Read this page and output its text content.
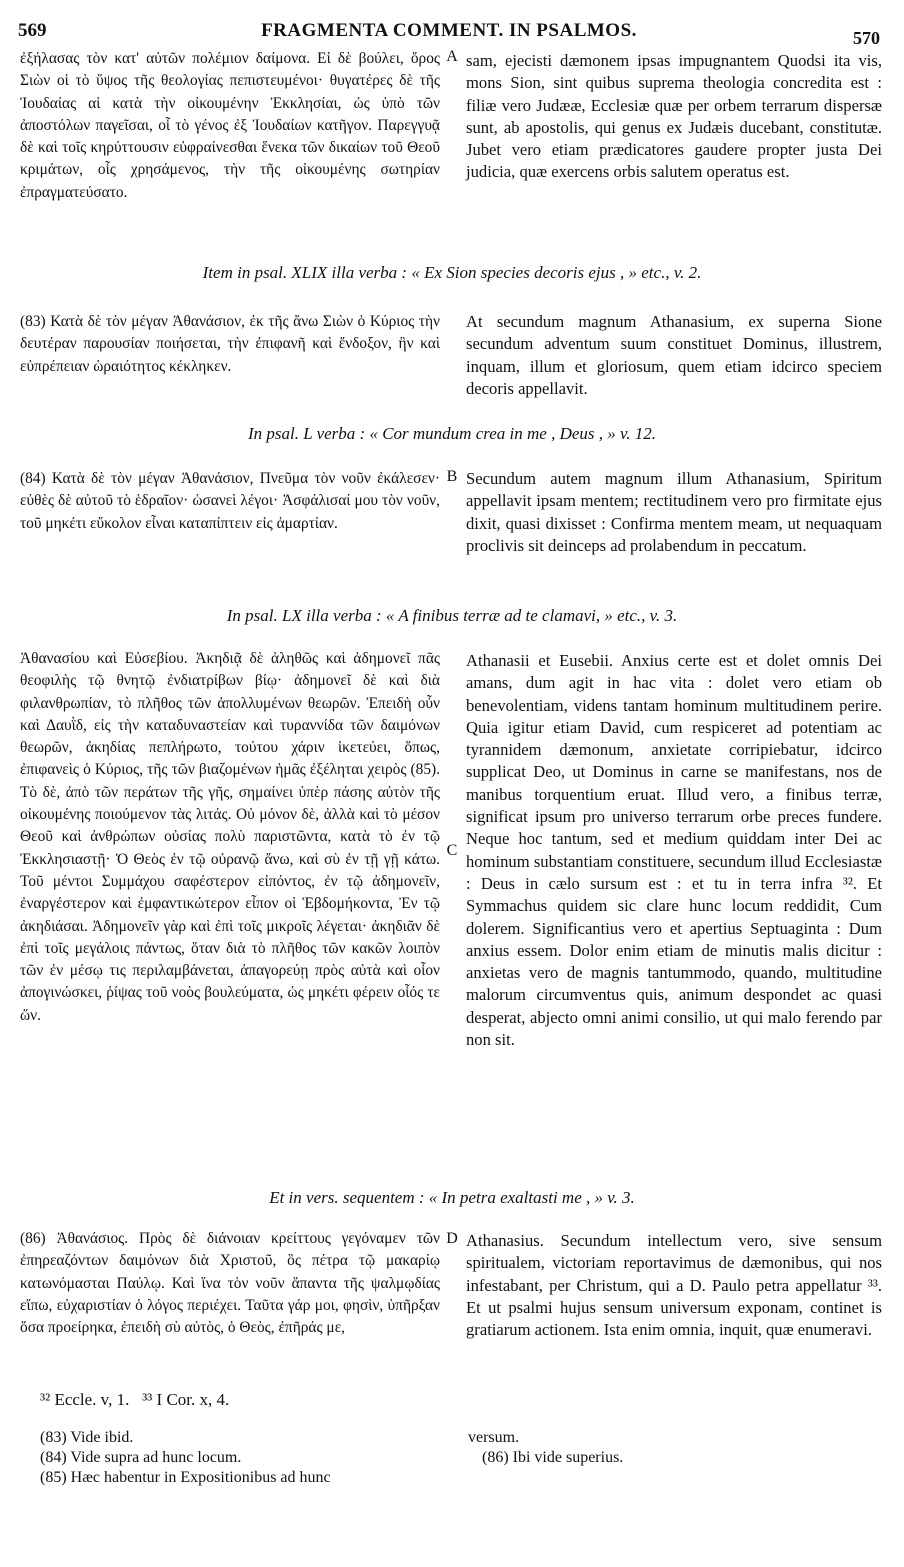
569	FRAGMENTA COMMENT. IN PSALMOS.	570

ἐξήλασας τὸν κατ' αὐτῶν πολέμιον δαίμονα. Εἰ δὲ βούλει, ὄρος Σιὼν οἱ τὸ ὕψος τῆς θεολογίας πεπιστευμένοι· θυγατέρες δὲ τῆς Ἰουδαίας αἱ κατὰ τὴν οἰκουμένην Ἐκκλησίαι, ὡς ὑπὸ τῶν ἀποστόλων παγεῖσαι, οἷ τὸ γένος ἐξ Ἰουδαίων κατῆγον. Παρεγγυᾷ δὲ καὶ τοῖς κηρύττουσιν εὐφραίνεσθαι ἕνεκα τῶν δικαίων τοῦ Θεοῦ κριμάτων, οἷς χρησάμενος, τὴν τῆς οἰκουμένης σωτηρίαν ἐπραγματεύσατο.

A sam, ejecisti dæmonem ipsas impugnantem Quodsi ita vis, mons Sion, sint quibus suprema theologia concredita est : filiæ vero Judææ, Ecclesiæ quæ per orbem terrarum dispersæ sunt, ab apostolis, qui genus ex Judæis ducebant, constitutæ. Jubet vero etiam prædicatores gaudere propter justa Dei judicia, quæ exercens orbis salutem operatus est.

Item in psal. XLIX illa verba : « Ex Sion species decoris ejus , » etc., v. 2.

(83) Κατὰ δὲ τὸν μέγαν Ἀθανάσιον, ἐκ τῆς ἄνω Σιὼν ὁ Κύριος τὴν δευτέραν παρουσίαν ποιήσεται, τὴν ἐπιφανῆ καὶ ἔνδοξον, ἣν καὶ εὐπρέπειαν ὡραιότητος κέκληκεν.

At secundum magnum Athanasium, ex superna Sione secundum adventum suum constituet Dominus, illustrem, inquam, illum et gloriosum, quem etiam idcirco speciem decoris appellavit.

In psal. L verba : « Cor mundum crea in me , Deus , » v. 12.

(84) Κατὰ δὲ τὸν μέγαν Ἀθανάσιον, Πνεῦμα τὸν νοῦν ἐκάλεσεν· εὐθὲς δὲ αὐτοῦ τὸ ἑδραῖον· ὡσανεὶ λέγοι· Ἀσφάλισαί μου τὸν νοῦν, τοῦ μηκέτι εὔκολον εἶναι καταπίπτειν εἰς ἁμαρτίαν.

B Secundum autem magnum illum Athanasium, Spiritum appellavit ipsam mentem; rectitudinem vero pro firmitate ejus dixit, quasi dixisset : Confirma mentem meam, ut nequaquam proclivis sit deinceps ad prolabendum in peccatum.

In psal. LX illa verba : « A finibus terræ ad te clamavi, » etc., v. 3.

Ἀθανασίου καὶ Εὐσεβίου. Ἀκηδιᾷ δὲ ἀληθῶς καὶ ἀδημονεῖ πᾶς θεοφιλὴς τῷ θνητῷ ἐνδιατρίβων βίῳ· ἀδημονεῖ δὲ καὶ διὰ φιλανθρωπίαν, τὸ πλῆθος τῶν ἀπολλυμένων θεωρῶν. Ἐπειδὴ οὖν καὶ Δαυῒδ, εἰς τὴν καταδυναστείαν καὶ τυραννίδα τῶν δαιμόνων θεωρῶν, ἀκηδίας πεπλήρωτο, τούτου χάριν ἱκετεύει, ὅπως, ἐπιφανεὶς ὁ Κύριος, τῆς τῶν βιαζομένων ἡμᾶς ἐξέληται χειρὸς (85). Τὸ δὲ, ἀπὸ τῶν περάτων τῆς γῆς, σημαίνει ὑπὲρ πάσης αὐτὸν τῆς οἰκουμένης ποιούμενον τὰς λιτάς. Οὐ μόνον δὲ, ἀλλὰ καὶ τὸ μέσον Θεοῦ καὶ ἀνθρώπων οὐσίας πολὺ παριστῶντα, κατὰ τὸ ἐν τῷ Ἐκκλησιαστῇ· Ὁ Θεὸς ἐν τῷ οὐρανῷ ἄνω, καὶ σὺ ἐν τῇ γῇ κάτω. Τοῦ μέντοι Συμμάχου σαφέστερον εἰπόντος, ἐν τῷ ἀδημονεῖν, ἐναργέστερον καὶ ἐμφαντικώτερον εἶπον οἱ Ἑβδομήκοντα, Ἐν τῷ ἀκηδιάσαι. Ἀδημονεῖν γὰρ καὶ ἐπὶ τοῖς μικροῖς λέγεται· ἀκηδιᾶν δὲ ἐπὶ τοῖς μεγάλοις πάντως, ὅταν διὰ τὸ πλῆθος τῶν κακῶν λοιπὸν τῶν ἐν μέσῳ τις περιλαμβάνεται, ἀπαγορεύῃ πρὸς αὐτὰ καὶ οἷον ἀπογινώσκει, ῥίψας τοῦ νοὸς βουλεύματα, ὡς μηκέτι φέρειν οἷός τε ὤν.

C

Athanasii et Eusebii. Anxius certe est et dolet omnis Dei amans, dum agit in hac vita : dolet vero etiam ob benevolentiam, videns tantam hominum multitudinem perire. Quia igitur etiam David, cum respiceret ad potentiam ac tyrannidem dæmonum, anxietate corripiebatur, idcirco supplicat Deo, ut Dominus in carne se manifestans, nos de manibus torquentium eruat. Illud vero, a finibus terræ, significat ipsum pro universo terrarum orbe preces fundere. Neque hoc tantum, sed et medium quiddam inter Dei ac hominum substantiam constituere, secundum illud Ecclesiastæ : Deus in cælo sursum est : et tu in terra infra ³². Et Symmachus quidem sic clare hunc locum reddidit, Cum dolerem. Significantius vero et apertius Septuaginta : Dum anxius essem. Dolor enim etiam de minutis malis dicitur : anxietas vero de magnis tantummodo, quando, multitudine malorum circumventus quis, animum despondet ac quasi desperat, abjecto omni animi consilio, ut qui malo ferendo par non sit.

Et in vers. sequentem : « In petra exaltasti me , » v. 3.

(86) Ἀθανάσιος. Πρὸς δὲ διάνοιαν κρείττους γεγόναμεν τῶν ἐπηρεαζόντων δαιμόνων διὰ Χριστοῦ, ὃς πέτρα τῷ μακαρίῳ κατωνόμασται Παύλῳ. Καὶ ἵνα τὸν νοῦν ἅπαντα τῆς ψαλμῳδίας εἴπω, εὐχαριστίαν ὁ λόγος περιέχει. Ταῦτα γάρ μοι, φησὶν, ὑπῆρξαν ὅσα προείρηκα, ἐπειδὴ σὺ αὐτὸς, ὁ Θεὸς, ἐπῆράς με,

D Athanasius. Secundum intellectum vero, sive sensum spiritualem, victoriam reportavimus de dæmonibus, qui nos infestabant, per Christum, qui a D. Paulo petra appellatur ³³. Et ut psalmi hujus sensum universum exponam, continet is gratiarum actionem. Ista enim omnia, inquit, quæ enumeravi.

³² Eccle. v, 1.   ³³ I Cor. x, 4.

(83) Vide ibid.
(84) Vide supra ad hunc locum.
(85) Hæc habentur in Expositionibus ad hunc
versum.
(86) Ibi vide superius.
